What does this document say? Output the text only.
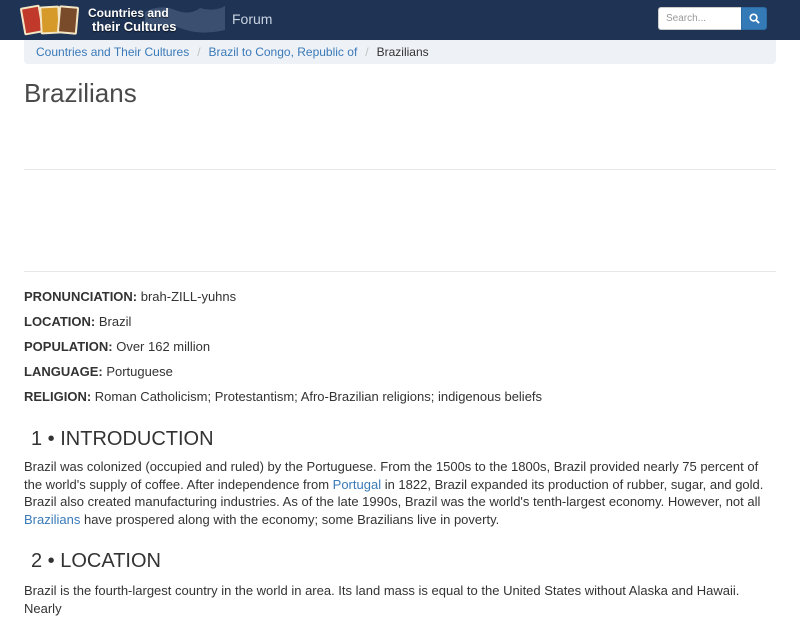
Countries and
their Cultures	Forum
Search...
Countries and Their Cultures / Brazil to Congo, Republic of / Brazilians
Brazilians
PRONUNCIATION: brah-ZILL-yuhns
LOCATION: Brazil
POPULATION: Over 162 million
LANGUAGE: Portuguese
RELIGION: Roman Catholicism; Protestantism; Afro-Brazilian religions; indigenous beliefs
1 • INTRODUCTION

Brazil was colonized (occupied and ruled) by the Portuguese. From the 1500s to the 1800s, Brazil provided nearly 75 percent of the world's supply of coffee. After independence from Portugal in 1822, Brazil expanded its production of rubber, sugar, and gold. Brazil also created manufacturing industries. As of the late 1990s, Brazil was the world's tenth-largest economy. However, not all Brazilians have prospered along with the economy; some Brazilians live in poverty.

2 • LOCATION

Brazil is the fourth-largest country in the world in area. Its land mass is equal to the United States without Alaska and Hawaii. Nearly
